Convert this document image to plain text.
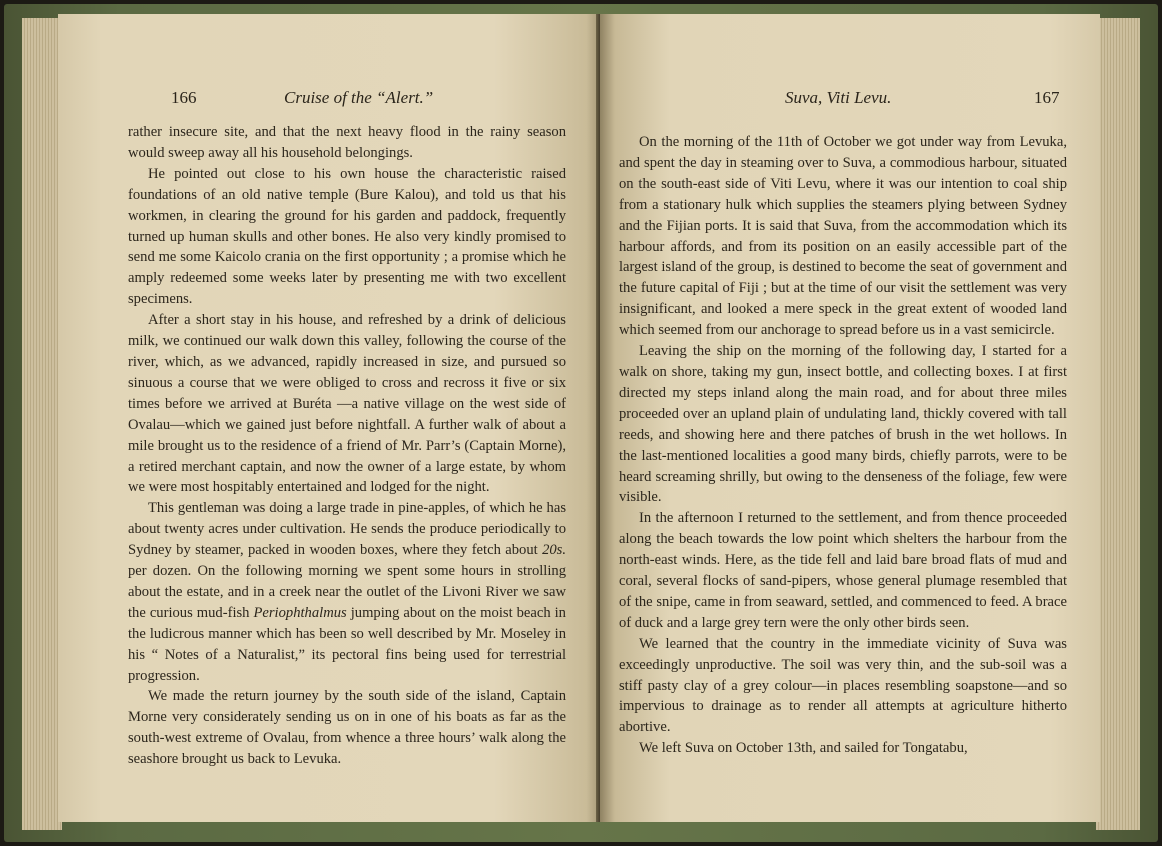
166	Cruise of the “Alert.”

rather insecure site, and that the next heavy flood in the rainy season would sweep away all his household belongings.

He pointed out close to his own house the characteristic raised foundations of an old native temple (Bure Kalou), and told us that his workmen, in clearing the ground for his garden and paddock, frequently turned up human skulls and other bones. He also very kindly promised to send me some Kaicolo crania on the first opportunity ; a promise which he amply redeemed some weeks later by presenting me with two excellent specimens.

After a short stay in his house, and refreshed by a drink of delicious milk, we continued our walk down this valley, following the course of the river, which, as we advanced, rapidly increased in size, and pursued so sinuous a course that we were obliged to cross and recross it five or six times before we arrived at Buréta —a native village on the west side of Ovalau—which we gained just before nightfall. A further walk of about a mile brought us to the residence of a friend of Mr. Parr’s (Captain Morne), a retired merchant captain, and now the owner of a large estate, by whom we were most hospitably entertained and lodged for the night.

This gentleman was doing a large trade in pine-apples, of which he has about twenty acres under cultivation. He sends the produce periodically to Sydney by steamer, packed in wooden boxes, where they fetch about 20s. per dozen. On the following morning we spent some hours in strolling about the estate, and in a creek near the outlet of the Livoni River we saw the curious mud-fish Periophthalmus jumping about on the moist beach in the ludicrous manner which has been so well described by Mr. Moseley in his “ Notes of a Naturalist,” its pectoral fins being used for terrestrial progression.

We made the return journey by the south side of the island, Captain Morne very considerately sending us on in one of his boats as far as the south-west extreme of Ovalau, from whence a three hours’ walk along the seashore brought us back to Levuka.

Suva, Viti Levu.	167

On the morning of the 11th of October we got under way from Levuka, and spent the day in steaming over to Suva, a commodious harbour, situated on the south-east side of Viti Levu, where it was our intention to coal ship from a stationary hulk which supplies the steamers plying between Sydney and the Fijian ports. It is said that Suva, from the accommodation which its harbour affords, and from its position on an easily accessible part of the largest island of the group, is destined to become the seat of government and the future capital of Fiji ; but at the time of our visit the settlement was very insignificant, and looked a mere speck in the great extent of wooded land which seemed from our anchorage to spread before us in a vast semicircle.

Leaving the ship on the morning of the following day, I started for a walk on shore, taking my gun, insect bottle, and collecting boxes. I at first directed my steps inland along the main road, and for about three miles proceeded over an upland plain of undulating land, thickly covered with tall reeds, and showing here and there patches of brush in the wet hollows. In the last-mentioned localities a good many birds, chiefly parrots, were to be heard screaming shrilly, but owing to the denseness of the foliage, few were visible.

In the afternoon I returned to the settlement, and from thence proceeded along the beach towards the low point which shelters the harbour from the north-east winds. Here, as the tide fell and laid bare broad flats of mud and coral, several flocks of sand-pipers, whose general plumage resembled that of the snipe, came in from seaward, settled, and commenced to feed. A brace of duck and a large grey tern were the only other birds seen.

We learned that the country in the immediate vicinity of Suva was exceedingly unproductive. The soil was very thin, and the sub-soil was a stiff pasty clay of a grey colour—in places resembling soapstone—and so impervious to drainage as to render all attempts at agriculture hitherto abortive.

We left Suva on October 13th, and sailed for Tongatabu,
